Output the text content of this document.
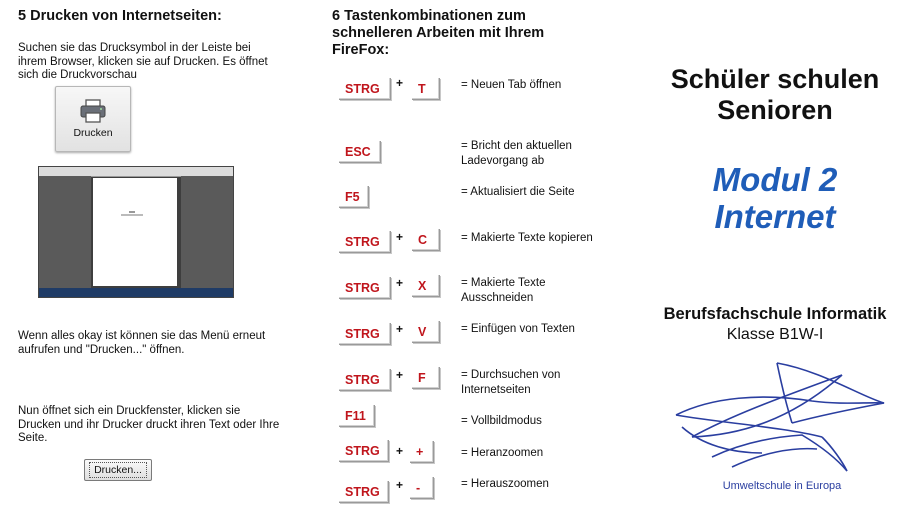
5 Drucken von Internetseiten:

Suchen sie das Drucksymbol in der Leiste bei ihrem Browser, klicken sie auf Drucken. Es öffnet sich die Druckvorschau

Drucken

Wenn alles okay ist können sie das Menü erneut aufrufen und "Drucken..." öffnen.

Nun öffnet sich ein Druckfenster, klicken sie Drucken und ihr Drucker druckt ihren Text oder Ihre Seite.

Drucken...

6 Tastenkombinationen zum schnelleren Arbeiten mit Ihrem FireFox:

STRG	+	T	= Neuen Tab öffnen
ESC	= Bricht den aktuellen Ladevorgang ab
F5	= Aktualisiert die Seite
STRG	+	C	= Makierte Texte kopieren
STRG	+	X	= Makierte Texte Ausschneiden
STRG	+	V	= Einfügen von Texten
STRG	+	F	= Durchsuchen von Internetseiten
F11	= Vollbildmodus
STRG	+	+	= Heranzoomen
STRG	+	-	= Herauszoomen
Schüler schulen
Senioren
Modul 2
Internet
Berufsfachschule Informatik
Klasse B1W-I
Umweltschule in Europa
